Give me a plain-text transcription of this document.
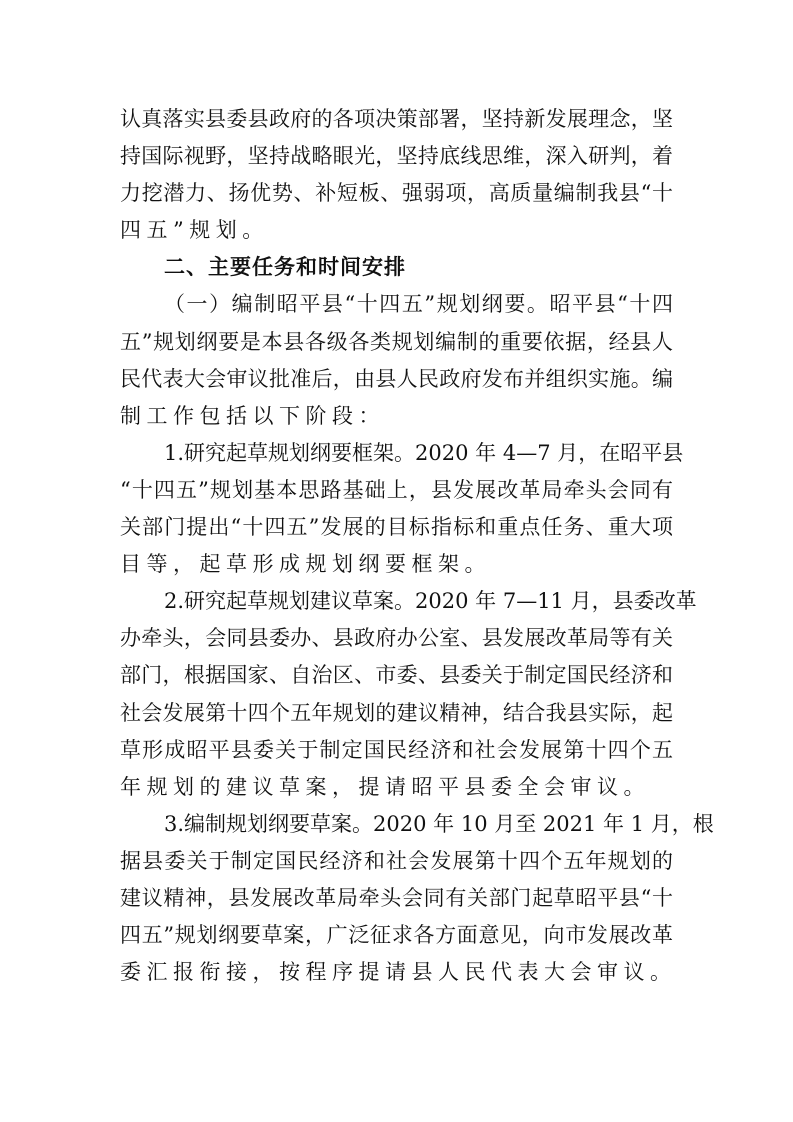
认真落实县委县政府的各项决策部署，坚持新发展理念，坚
持国际视野，坚持战略眼光，坚持底线思维，深入研判，着
力挖潜力、扬优势、补短板、强弱项，高质量编制我县“十
四五”规划。
二、主要任务和时间安排
（一）编制昭平县“十四五”规划纲要。昭平县“十四
五”规划纲要是本县各级各类规划编制的重要依据，经县人
民代表大会审议批准后，由县人民政府发布并组织实施。编
制工作包括以下阶段：
1.研究起草规划纲要框架。2020 年 4—7 月，在昭平县
“十四五”规划基本思路基础上，县发展改革局牵头会同有
关部门提出“十四五”发展的目标指标和重点任务、重大项
目等，起草形成规划纲要框架。
2.研究起草规划建议草案。2020 年 7—11 月，县委改革
办牵头，会同县委办、县政府办公室、县发展改革局等有关
部门，根据国家、自治区、市委、县委关于制定国民经济和
社会发展第十四个五年规划的建议精神，结合我县实际，起
草形成昭平县委关于制定国民经济和社会发展第十四个五
年规划的建议草案，提请昭平县委全会审议。
3.编制规划纲要草案。2020 年 10 月至 2021 年 1 月，根
据县委关于制定国民经济和社会发展第十四个五年规划的
建议精神，县发展改革局牵头会同有关部门起草昭平县“十
四五”规划纲要草案，广泛征求各方面意见，向市发展改革
委汇报衔接，按程序提请县人民代表大会审议。
